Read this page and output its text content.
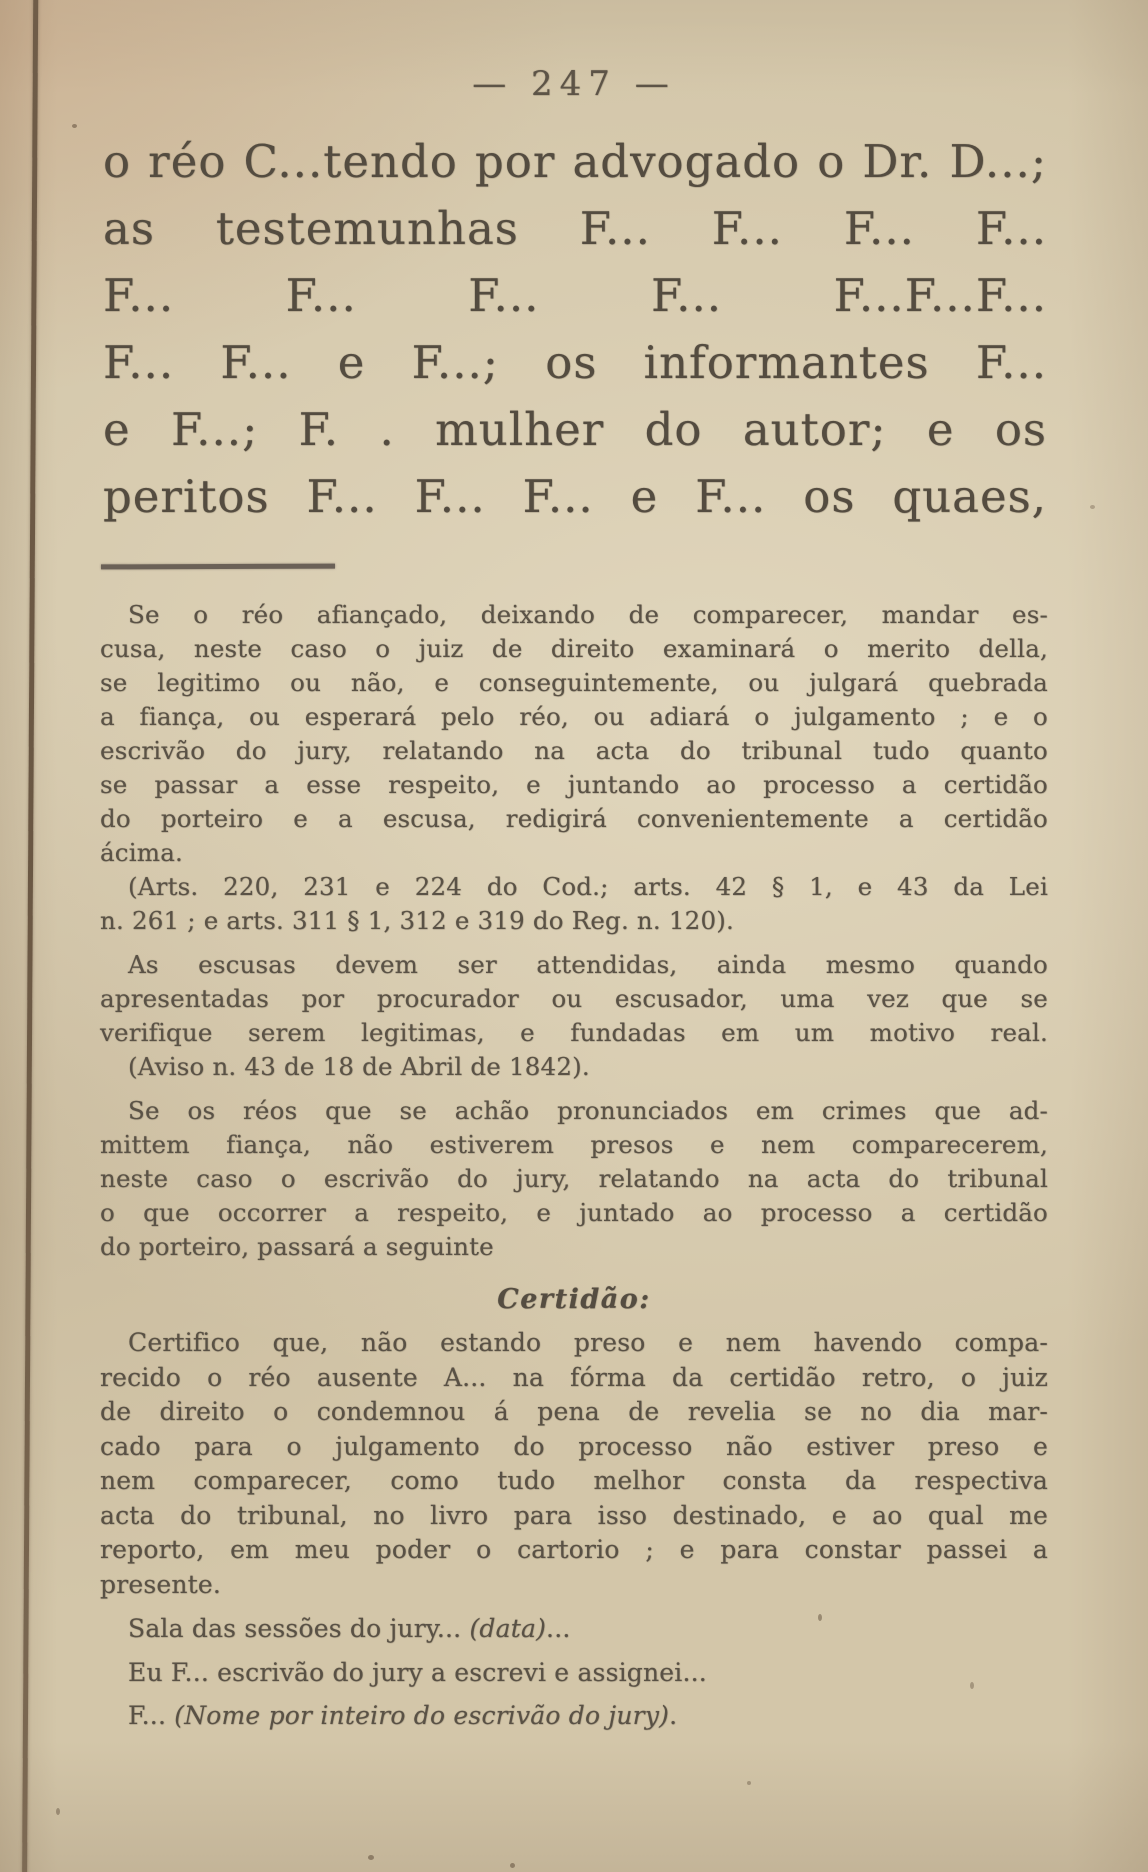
— 247 —
o réo C...tendo por advogado o Dr. D...;
as testemunhas F... F... F... F...
F... F... F... F... F...F...F...
F... F... e F...; os informantes F...
e F...; F. . mulher do autor; e os
peritos F... F... F... e F... os quaes,
Se o réo afiançado, deixando de comparecer, mandar es-
cusa, neste caso o juiz de direito examinará o merito della,
se legitimo ou não, e conseguintemente, ou julgará quebrada
a fiança, ou esperará pelo réo, ou adiará o julgamento ; e o
escrivão do jury, relatando na acta do tribunal tudo quanto
se passar a esse respeito, e juntando ao processo a certidão
do porteiro e a escusa, redigirá convenientemente a certidão
ácima.
(Arts. 220, 231 e 224 do Cod.; arts. 42 § 1, e 43 da Lei
n. 261 ; e arts. 311 § 1, 312 e 319 do Reg. n. 120).
As escusas devem ser attendidas, ainda mesmo quando
apresentadas por procurador ou escusador, uma vez que se
verifique serem legitimas, e fundadas em um motivo real.
(Aviso n. 43 de 18 de Abril de 1842).
Se os réos que se achão pronunciados em crimes que ad-
mittem fiança, não estiverem presos e nem comparecerem,
neste caso o escrivão do jury, relatando na acta do tribunal
o que occorrer a respeito, e juntado ao processo a certidão
do porteiro, passará a seguinte
Certidão:
Certifico que, não estando preso e nem havendo compa-
recido o réo ausente A... na fórma da certidão retro, o juiz
de direito o condemnou á pena de revelia se no dia mar-
cado para o julgamento do processo não estiver preso e
nem comparecer, como tudo melhor consta da respectiva
acta do tribunal, no livro para isso destinado, e ao qual me
reporto, em meu poder o cartorio ; e para constar passei a
presente.
Sala das sessões do jury... (data)...
Eu F... escrivão do jury a escrevi e assignei...
F... (Nome por inteiro do escrivão do jury).
